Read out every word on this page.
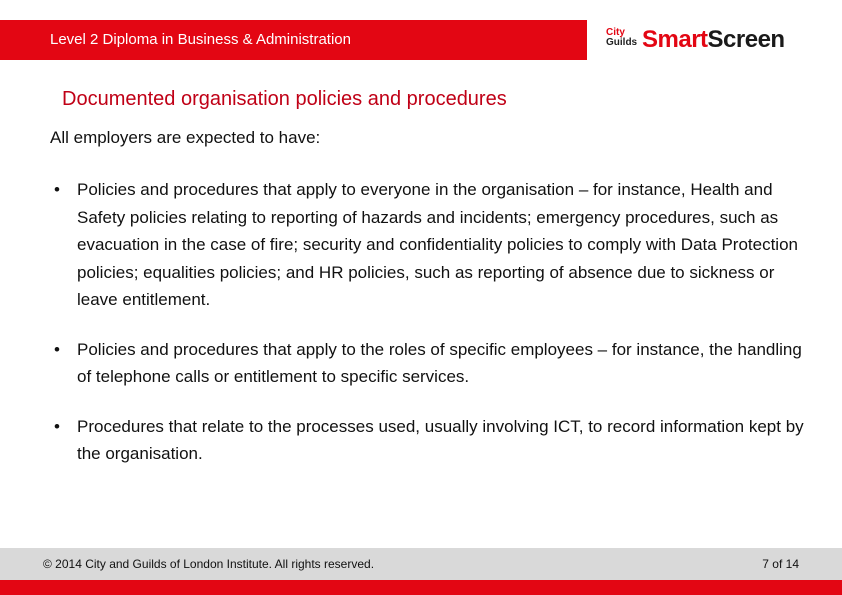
Level 2 Diploma in Business & Administration	City
Guilds SmartScreen
Documented organisation policies and procedures
All employers are expected to have:
• Policies and procedures that apply to everyone in the organisation – for instance, Health and Safety policies relating to reporting of hazards and incidents; emergency procedures, such as evacuation in the case of fire; security and confidentiality policies to comply with Data Protection policies; equalities policies; and HR policies, such as reporting of absence due to sickness or leave entitlement.
• Policies and procedures that apply to the roles of specific employees – for instance, the handling of telephone calls or entitlement to specific services.
• Procedures that relate to the processes used, usually involving ICT, to record information kept by the organisation.
© 2014 City and Guilds of London Institute. All rights reserved.	7 of 14
